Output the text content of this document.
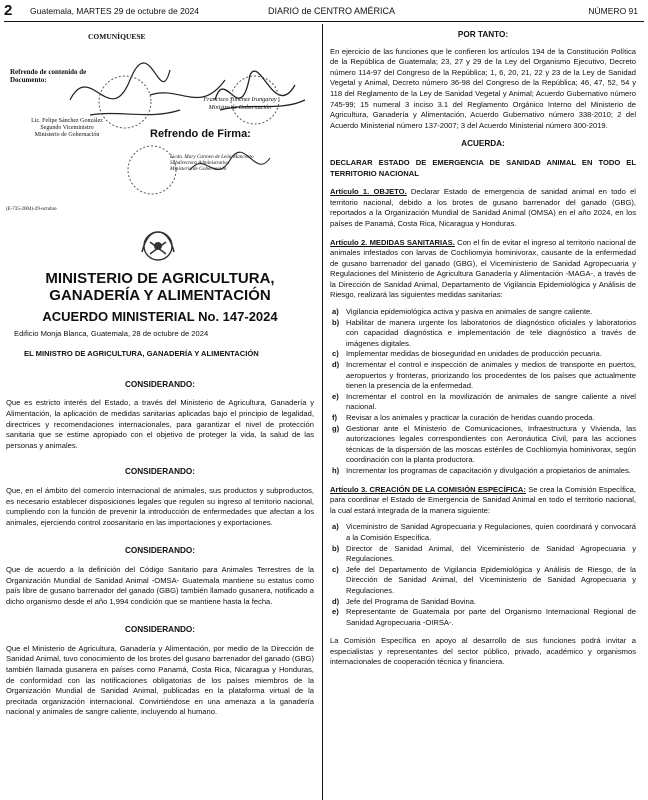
2 Guatemala, MARTES 29 de octubre de 2024	DIARIO de CENTRO AMÉRICA	NÚMERO 91
COMUNÍQUESE
Refrendo de contenido de Documento:
Lic. Felipe Sánchez González
Segundo Viceministro
Ministerio de Gobernación
Francisco Jiménez Irungaray
Ministro de Gobernación
Refrendo de Firma:
Licda. Mary Carmen de León Mancento
Subdirectora Administrativa
Ministerio de Gobernación
(E-735-2004)-29-octubre
MINISTERIO DE AGRICULTURA, GANADERÍA Y ALIMENTACIÓN
ACUERDO MINISTERIAL No. 147-2024

Edificio Monja Blanca, Guatemala, 28 de octubre de 2024

EL MINISTRO DE AGRICULTURA, GANADERÍA Y ALIMENTACIÓN

CONSIDERANDO:

Que es estricto interés del Estado, a través del Ministerio de Agricultura, Ganadería y Alimentación, la aplicación de medidas sanitarias aplicadas bajo el principio de legalidad, directrices y recomendaciones internacionales, para garantizar el nivel de protección sanitaria que se estime apropiado con el objetivo de proteger la vida, la salud de las personas y animales.

CONSIDERANDO:

Que, en el ámbito del comercio internacional de animales, sus productos y subproductos, es necesario establecer disposiciones legales que regulen su ingreso al territorio nacional, cumpliendo con la función de prevenir la introducción de enfermedades que afectan a los animales, ejerciendo control zoosanitario en las importaciones y exportaciones.

CONSIDERANDO:

Que de acuerdo a la definición del Código Sanitario para Animales Terrestres de la Organización Mundial de Sanidad Animal -OMSA- Guatemala mantiene su estatus como país libre de gusano barrenador del ganado (GBG) también llamado gusanera, notificado a dicho organismo desde el año 1,994 condición que se mantiene hasta la fecha.

CONSIDERANDO:

Que el Ministerio de Agricultura, Ganadería y Alimentación, por medio de la Dirección de Sanidad Animal, tuvo conocimiento de los brotes del gusano barrenador del ganado (GBG) también llamada gusanera en países como Panamá, Costa Rica, Nicaragua y Honduras, de conformidad con las notificaciones obligatorias de los países miembros de la Organización Mundial de Sanidad Animal, publicadas en la plataforma virtual de la precitada organización internacional. Convirtiéndose en una amenaza a la ganadería nacional y animales de sangre caliente, incluyendo al humano.

POR TANTO:

En ejercicio de las funciones que le confieren los artículos 194 de la Constitución Política de la República de Guatemala; 23, 27 y 29 de la Ley del Organismo Ejecutivo, Decreto número 114-97 del Congreso de la República; 1, 6, 20, 21, 22 y 23 de la Ley de Sanidad Vegetal y Animal, Decreto número 36-98 del Congreso de la República; 46, 47, 52, 54 y 118 del Reglamento de la Ley de Sanidad Vegetal y Animal; Acuerdo Gubernativo número 745-99; 15 numeral 3 inciso 3.1 del Reglamento Orgánico Interno del Ministerio de Agricultura, Ganadería y Alimentación, Acuerdo Gubernativo número 338-2010; 2 del Acuerdo Ministerial número 137-2007; 3 del Acuerdo Ministerial número 300-2019.

ACUERDA:

DECLARAR ESTADO DE EMERGENCIA DE SANIDAD ANIMAL EN TODO EL TERRITORIO NACIONAL

Artículo 1. OBJETO. Declarar Estado de emergencia de sanidad animal en todo el territorio nacional, debido a los brotes de gusano barrenador del ganado (GBG), reportados a la Organización Mundial de Sanidad Animal (OMSA) en el año 2024, en los países de Panamá, Costa Rica, Nicaragua y Honduras.

Artículo 2. MEDIDAS SANITARIAS. Con el fin de evitar el ingreso al territorio nacional de animales infestados con larvas de Cochliomyia hominivorax, causante de la enfermedad de gusano barrenador del ganado (GBG), el Viceministerio de Sanidad Agropecuaria y Regulaciones del Ministerio de Agricultura Ganadería y Alimentación -MAGA-, a través de la Dirección de Sanidad Animal, Departamento de Vigilancia Epidemiológica y Análisis de Riesgo, realizará las siguientes medidas sanitarias:

a) Vigilancia epidemiológica activa y pasiva en animales de sangre caliente.
b) Habilitar de manera urgente los laboratorios de diagnóstico oficiales y laboratorios con capacidad diagnóstica e implementación de tele diagnóstico a través de imágenes digitales.
c) Implementar medidas de bioseguridad en unidades de producción pecuaria.
d) Incrementar el control e inspección de animales y medios de transporte en puertos, aeropuertos y fronteras, priorizando los procedentes de los países que actualmente tienen la presencia de la enfermedad.
e) Incrementar el control en la movilización de animales de sangre caliente a nivel nacional.
f) Revisar a los animales y practicar la curación de heridas cuando proceda.
g) Gestionar ante el Ministerio de Comunicaciones, Infraestructura y Vivienda, las autorizaciones legales correspondientes con Aeronáutica Civil, para las acciones técnicas de la dispersión de las moscas estériles de Cochliomyia hominivorax, según coordinación con la planta productora.
h) Incrementar los programas de capacitación y divulgación a propietarios de animales.

Artículo 3. CREACIÓN DE LA COMISIÓN ESPECÍFICA: Se crea la Comisión Específica, para coordinar el Estado de Emergencia de Sanidad Animal en todo el territorio nacional, la cual estará integrada de la manera siguiente:

a) Viceministro de Sanidad Agropecuaria y Regulaciones, quien coordinará y convocará a la Comisión Específica.
b) Director de Sanidad Animal, del Viceministerio de Sanidad Agropecuaria y Regulaciones.
c) Jefe del Departamento de Vigilancia Epidemiológica y Análisis de Riesgo, de la Dirección de Sanidad Animal, del Viceministerio de Sanidad Agropecuaria y Regulaciones.
d) Jefe del Programa de Sanidad Bovina.
e) Representante de Guatemala por parte del Organismo Internacional Regional de Sanidad Agropecuaria -OIRSA-.

La Comisión Específica en apoyo al desarrollo de sus funciones podrá invitar a especialistas y representantes del sector público, privado, académico y organismos internacionales de cooperación técnica y financiera.
